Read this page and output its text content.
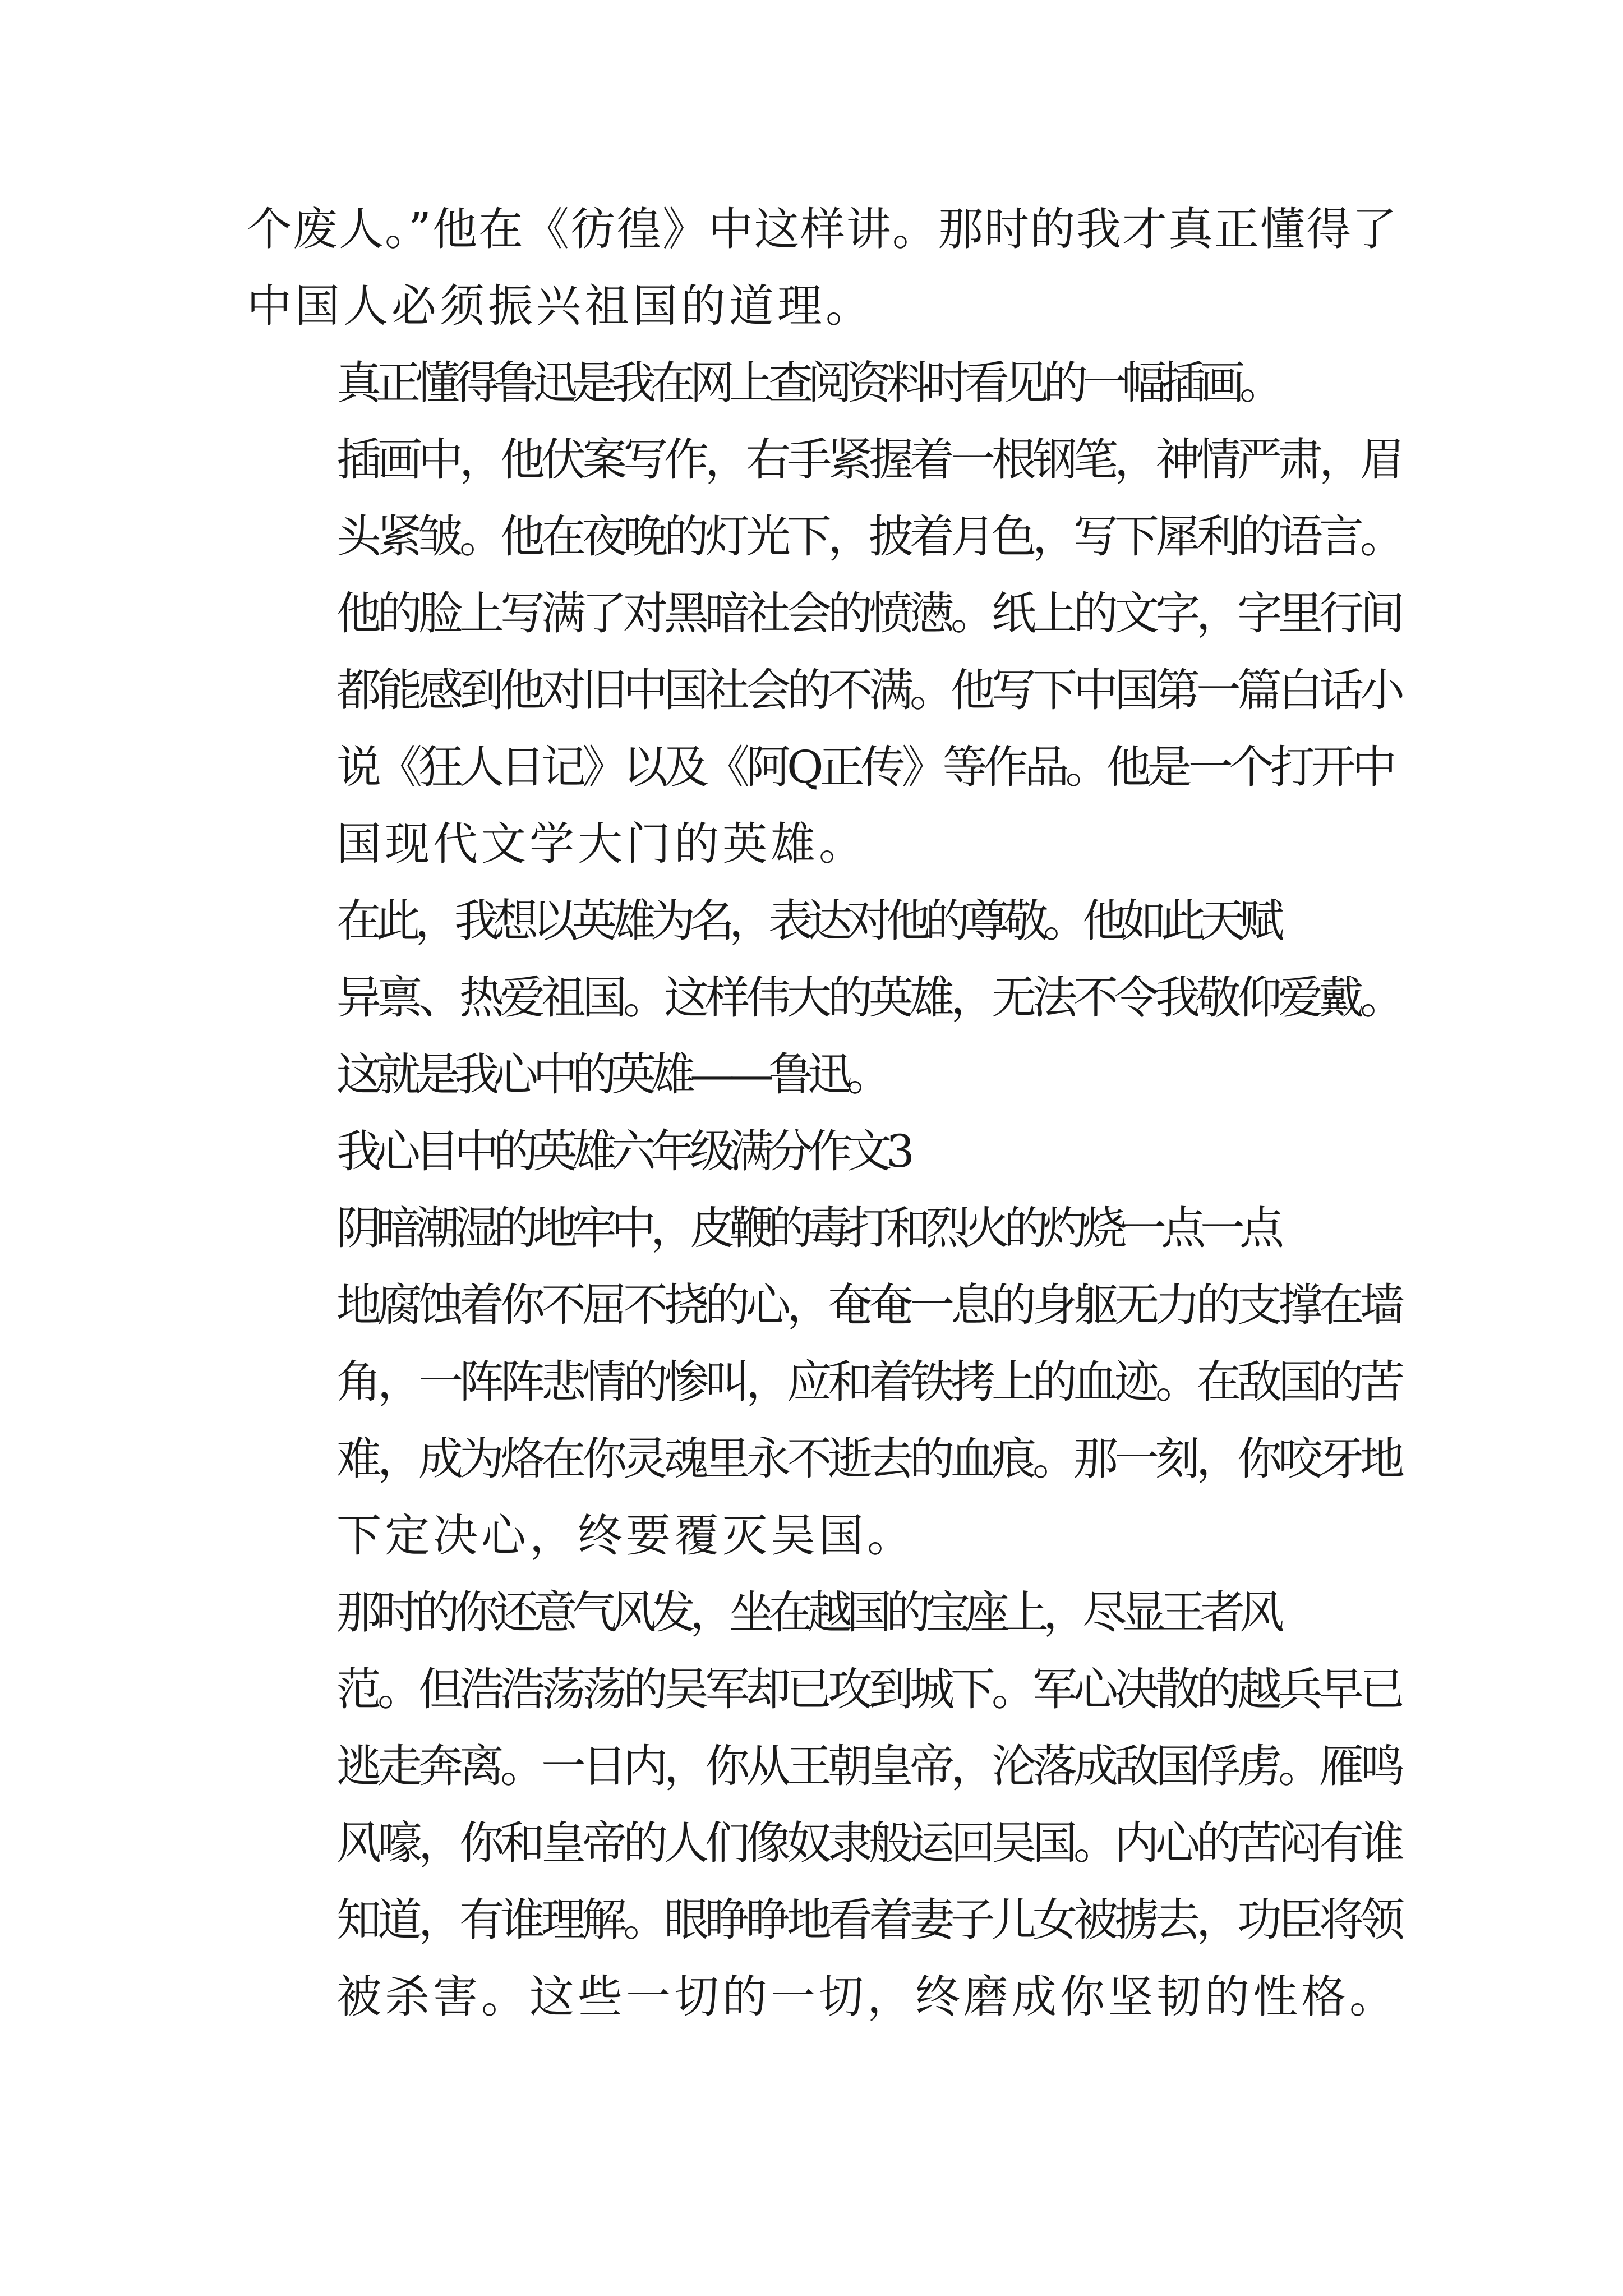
个废人。”他在《彷徨》中这样讲。那时的我才真正懂得了
中国人必须振兴祖国的道理。
真正懂得鲁迅是我在网上查阅资料时看见的一幅插画。
插画中，他伏案写作，右手紧握着一根钢笔，神情严肃，眉
头紧皱。他在夜晚的灯光下，披着月色，写下犀利的语言。
他的脸上写满了对黑暗社会的愤懑。纸上的文字，字里行间
都能感到他对旧中国社会的不满。他写下中国第一篇白话小
说《狂人日记》以及《阿Q正传》等作品。他是一个打开中
国现代文学大门的英雄。
在此，我想以英雄为名，表达对他的尊敬。他如此天赋
异禀、热爱祖国。这样伟大的英雄，无法不令我敬仰爱戴。
这就是我心中的英雄——鲁迅。
我心目中的英雄六年级满分作文3
阴暗潮湿的地牢中，皮鞭的毒打和烈火的灼烧一点一点
地腐蚀着你不屈不挠的心，奄奄一息的身躯无力的支撑在墙
角，一阵阵悲情的惨叫，应和着铁拷上的血迹。在敌国的苦
难，成为烙在你灵魂里永不逝去的血痕。那一刻，你咬牙地
下定决心，终要覆灭吴国。
那时的你还意气风发，坐在越国的宝座上，尽显王者风
范。但浩浩荡荡的吴军却已攻到城下。军心决散的越兵早已
逃走奔离。一日内，你从王朝皇帝，沦落成敌国俘虏。雁鸣
风嚎，你和皇帝的人们像奴隶般运回吴国。内心的苦闷有谁
知道，有谁理解。眼睁睁地看着妻子儿女被掳去，功臣将领
被杀害。这些一切的一切，终磨成你坚韧的性格。
